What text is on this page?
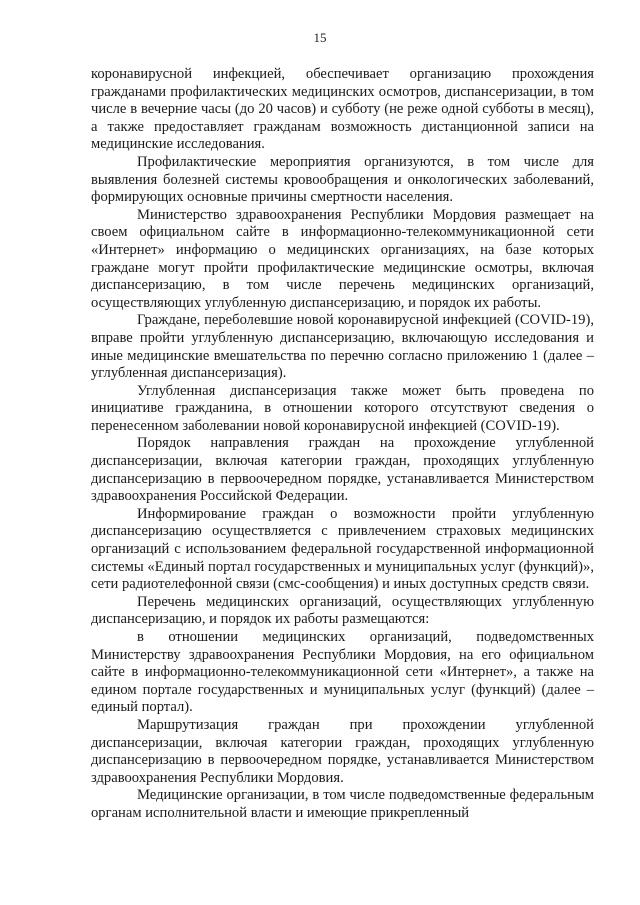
15

коронавирусной инфекцией, обеспечивает организацию прохождения гражданами профилактических медицинских осмотров, диспансеризации, в том числе в вечерние часы (до 20 часов) и субботу (не реже одной субботы в месяц), а также предоставляет гражданам возможность дистанционной записи на медицинские исследования.

Профилактические мероприятия организуются, в том числе для выявления болезней системы кровообращения и онкологических заболеваний, формирующих основные причины смертности населения.

Министерство здравоохранения Республики Мордовия размещает на своем официальном сайте в информационно-телекоммуникационной сети «Интернет» информацию о медицинских организациях, на базе которых граждане могут пройти профилактические медицинские осмотры, включая диспансеризацию, в том числе перечень медицинских организаций, осуществляющих углубленную диспансеризацию, и порядок их работы.

Граждане, переболевшие новой коронавирусной инфекцией (COVID-19), вправе пройти углубленную диспансеризацию, включающую исследования и иные медицинские вмешательства по перечню согласно приложению 1 (далее – углубленная диспансеризация).

Углубленная диспансеризация также может быть проведена по инициативе гражданина, в отношении которого отсутствуют сведения о перенесенном заболевании новой коронавирусной инфекцией (COVID-19).

Порядок направления граждан на прохождение углубленной диспансеризации, включая категории граждан, проходящих углубленную диспансеризацию в первоочередном порядке, устанавливается Министерством здравоохранения Российской Федерации.

Информирование граждан о возможности пройти углубленную диспансеризацию осуществляется с привлечением страховых медицинских организаций с использованием федеральной государственной информационной системы «Единый портал государственных и муниципальных услуг (функций)», сети радиотелефонной связи (смс-сообщения) и иных доступных средств связи.

Перечень медицинских организаций, осуществляющих углубленную диспансеризацию, и порядок их работы размещаются:

в отношении медицинских организаций, подведомственных Министерству здравоохранения Республики Мордовия, на его официальном сайте в информационно-телекоммуникационной сети «Интернет», а также на едином портале государственных и муниципальных услуг (функций) (далее – единый портал).

Маршрутизация граждан при прохождении углубленной диспансеризации, включая категории граждан, проходящих углубленную диспансеризацию в первоочередном порядке, устанавливается Министерством здравоохранения Республики Мордовия.

Медицинские организации, в том числе подведомственные федеральным органам исполнительной власти и имеющие прикрепленный
